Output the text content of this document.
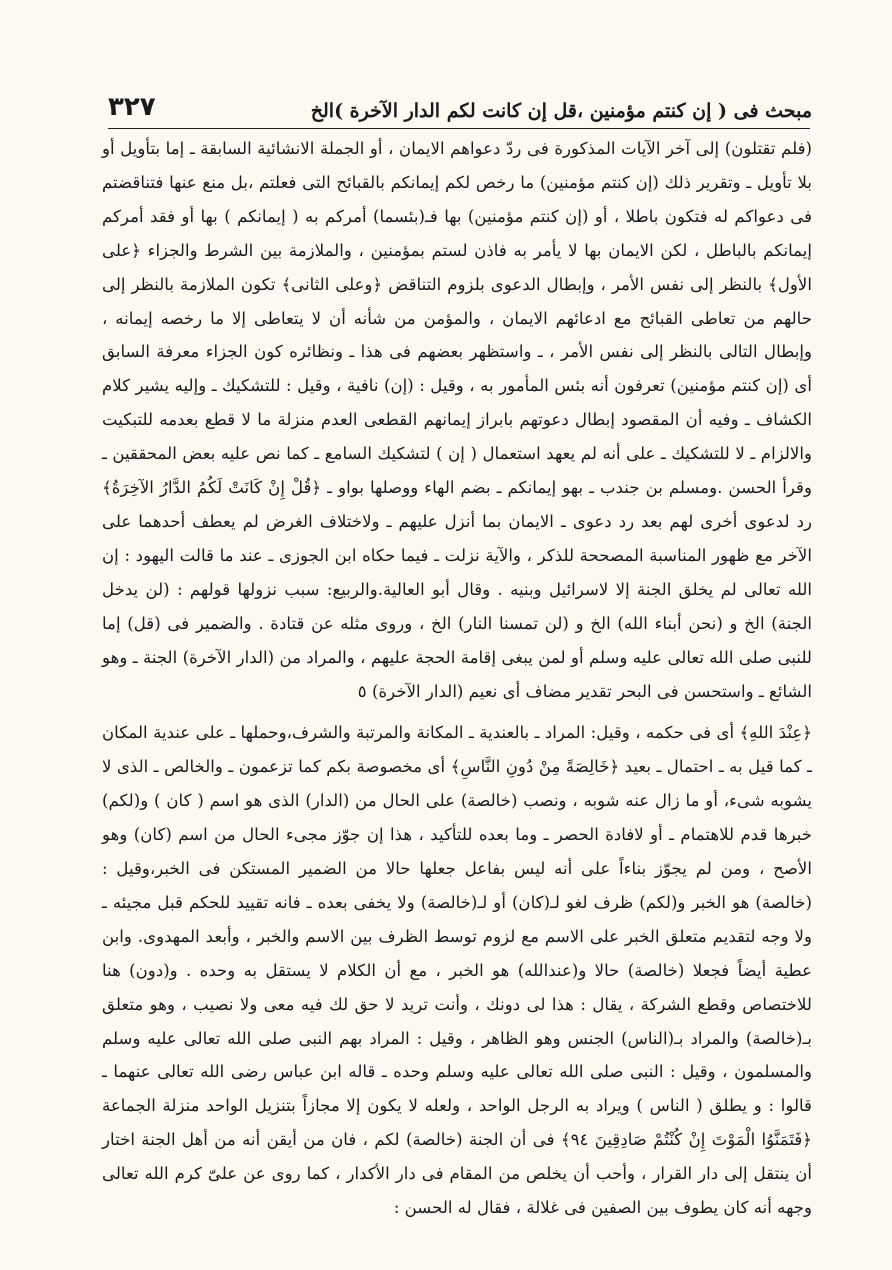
مبحث فى ( إن كنتم مؤمنين ،قل إن كانت لكم الدار الآخرة )الخ
٣٢٧

(فلم تقتلون) إلى آخر الآيات المذكورة فى ردّ دعواهم الايمان ، أو الجملة الانشائية السابقة ـ إما بتأويل أو بلا تأويل ـ وتقرير ذلك (إن كنتم مؤمنين) ما رخص لكم إيمانكم بالقبائح التى فعلتم ،بل منع عنها فتناقضتم فى دعواكم له فتكون باطلا ، أو (إن كنتم مؤمنين) بها فـ(بئسما) أمركم به ( إيمانكم ) بها أو فقد أمركم إيمانكم بالباطل ، لكن الايمان بها لا يأمر به فاذن لستم بمؤمنين ، والملازمة بين الشرط والجزاء ﴿على الأول﴾ بالنظر إلى نفس الأمر ، وإبطال الدعوى بلزوم التناقض ﴿وعلى الثانى﴾ تكون الملازمة بالنظر إلى حالهم من تعاطى القبائح مع ادعائهم الايمان ، والمؤمن من شأنه أن لا يتعاطى إلا ما رخصه إيمانه ، وإبطال التالى بالنظر إلى نفس الأمر ، ـ واستظهر بعضهم فى هذا ـ ونظائره كون الجزاء معرفة السابق أى (إن كنتم مؤمنين) تعرفون أنه بئس المأمور به ، وقيل : (إن) نافية ، وقيل : للتشكيك ـ وإليه يشير كلام الكشاف ـ وفيه أن المقصود إبطال دعوتهم بابراز إيمانهم القطعى العدم منزلة ما لا قطع بعدمه للتبكيت والالزام ـ لا للتشكيك ـ على أنه لم يعهد استعمال ( إن ) لتشكيك السامع ـ كما نص عليه بعض المحققين ـ وقرأ الحسن .ومسلم بن جندب ـ بهو إيمانكم ـ بضم الهاء ووصلها بواو ـ ﴿قُلْ إِنْ كَانَتْ لَكُمُ الدَّارُ الآخِرَةُ﴾ رد لدعوى أخرى لهم بعد رد دعوى ـ الايمان بما أنزل عليهم ـ ولاختلاف الغرض لم يعطف أحدهما على الآخر مع ظهور المناسبة المصححة للذكر ، والآية نزلت ـ فيما حكاه ابن الجوزى ـ عند ما قالت اليهود : إن الله تعالى لم يخلق الجنة إلا لاسرائيل وبنيه . وقال أبو العالية.والربيع: سبب نزولها قولهم : (لن يدخل الجنة) الخ و (نحن أبناء الله) الخ و (لن تمسنا النار) الخ ، وروى مثله عن قتادة . والضمير فى (قل) إما للنبى صلى الله تعالى عليه وسلم أو لمن يبغى إقامة الحجة عليهم ، والمراد من (الدار الآخرة) الجنة ـ وهو الشائع ـ واستحسن فى البحر تقدير مضاف أى نعيم (الدار الآخرة) ٥

﴿عِنْدَ اللهِ﴾ أى فى حكمه ، وقيل: المراد ـ بالعندية ـ المكانة والمرتبة والشرف،وحملها ـ على عندية المكان ـ كما قيل به ـ احتمال ـ بعيد ﴿خَالِصَةً مِنْ دُونِ النَّاسِ﴾ أى مخصوصة بكم كما تزعمون ـ والخالص ـ الذى لا يشوبه شىء، أو ما زال عنه شوبه ، ونصب (خالصة) على الحال من (الدار) الذى هو اسم ( كان ) و(لكم) خبرها قدم للاهتمام ـ أو لافادة الحصر ـ وما بعده للتأكيد ، هذا إن جوّز مجىء الحال من اسم (كان) وهو الأصح ، ومن لم يجوّز بناءاً على أنه ليس بفاعل جعلها حالا من الضمير المستكن فى الخبر،وقيل : (خالصة) هو الخبر و(لكم) ظرف لغو لـ(كان) أو لـ(خالصة) ولا يخفى بعده ـ فانه تقييد للحكم قبل مجيئه ـ ولا وجه لتقديم متعلق الخبر على الاسم مع لزوم توسط الظرف بين الاسم والخبر ، وأبعد المهدوى. وابن عطية أيضاً فجعلا (خالصة) حالا و(عندالله) هو الخبر ، مع أن الكلام لا يستقل به وحده . و(دون) هنا للاختصاص وقطع الشركة ، يقال : هذا لى دونك ، وأنت تريد لا حق لك فيه معى ولا نصيب ، وهو متعلق بـ(خالصة) والمراد بـ(الناس) الجنس وهو الظاهر ، وقيل : المراد بهم النبى صلى الله تعالى عليه وسلم والمسلمون ، وقيل : النبى صلى الله تعالى عليه وسلم وحده ـ قاله ابن عباس رضى الله تعالى عنهما ـ قالوا : و يطلق ( الناس ) ويراد به الرجل الواحد ، ولعله لا يكون إلا مجازاً بتنزيل الواحد منزلة الجماعة ﴿فَتَمَنَّوُا الْمَوْتَ إِنْ كُنْتُمْ صَادِقِينَ ٩٤﴾ فى أن الجنة (خالصة) لكم ، فان من أيقن أنه من أهل الجنة اختار أن ينتقل إلى دار القرار ، وأحب أن يخلص من المقام فى دار الأكدار ، كما روى عن علىّ كرم الله تعالى وجهه أنه كان يطوف بين الصفين فى غلالة ، فقال له الحسن :
